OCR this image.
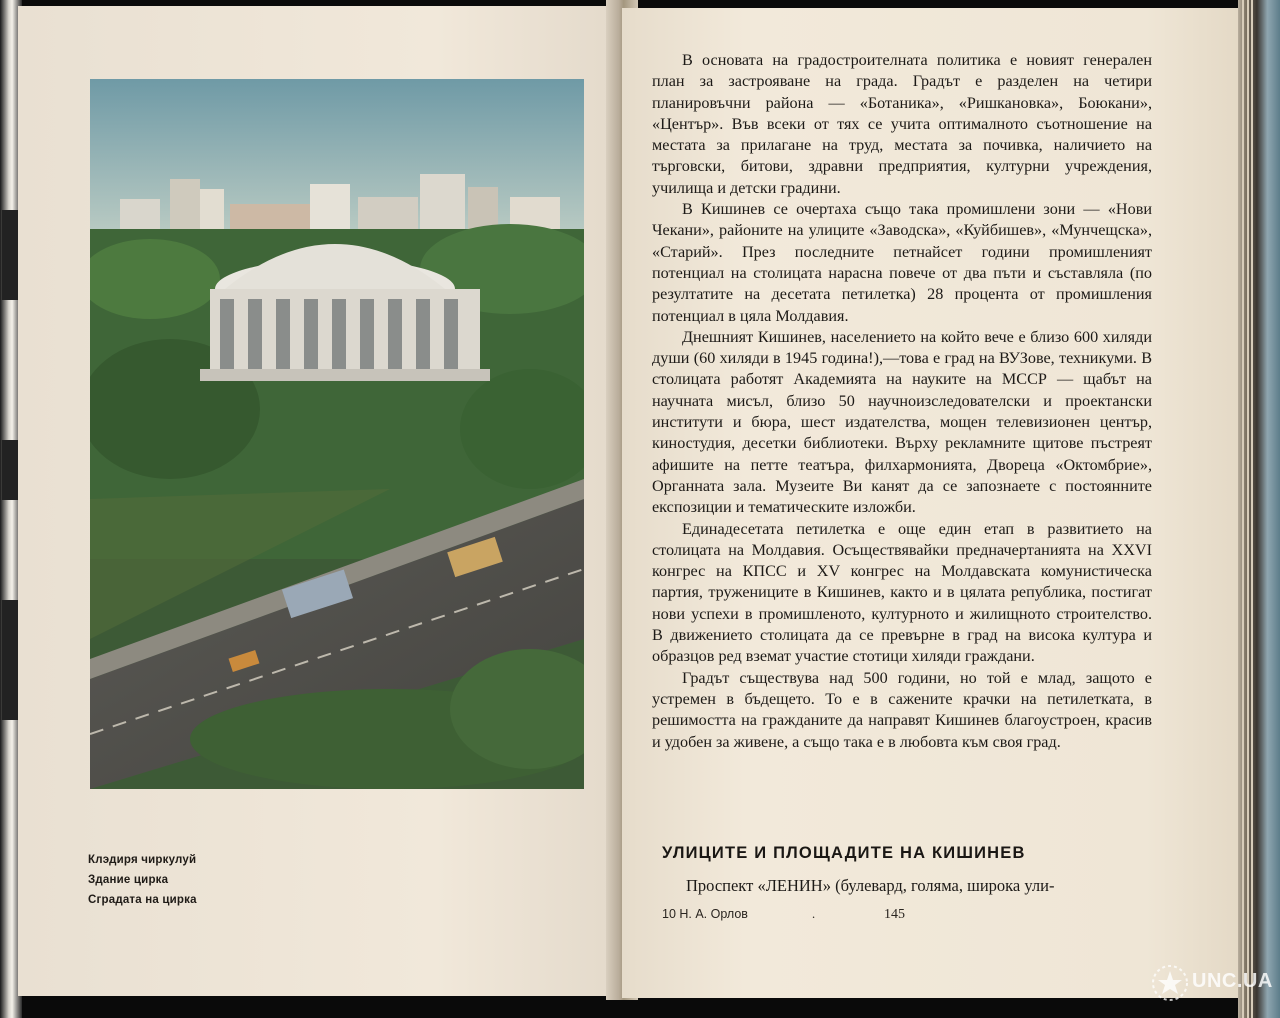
Клэдиря чиркулуй
Здание цирка
Сградата на цирка

В основата на градостроителната политика е новият генерален план за застрояване на града. Градът е разделен на четири планировъчни района — «Ботаника», «Ришкановка», Боюкани», «Център». Във всеки от тях се учита оптималното съотношение на местата за прилагане на труд, местата за почивка, наличието на търговски, битови, здравни предприятия, културни учреждения, училища и детски градини.

В Кишинев се очертаха също така промишлени зони — «Нови Чекани», районите на улиците «Заводска», «Куйбишев», «Мунчещска», «Старий». През последните петнайсет години промишленият потенциал на столицата нарасна повече от два пъти и съставляла (по резултатите на десетата петилетка) 28 процента от промишления потенциал в цяла Молдавия.

Днешният Кишинев, населението на който вече е близо 600 хиляди души (60 хиляди в 1945 година!),—това е град на ВУЗове, техникуми. В столицата работят Академията на науките на МССР — щабът на научната мисъл, близо 50 научноизследователски и проектански институти и бюра, шест издателства, мощен телевизионен център, киностудия, десетки библиотеки. Върху рекламните щитове пъстреят афишите на петте театъра, филхармонията, Двореца «Октомбрие», Органната зала. Музеите Ви канят да се запознаете с постоянните експозиции и тематическите изложби.

Единадесетата петилетка е още един етап в развитието на столицата на Молдавия. Осъществявайки предначертанията на XXVI конгрес на КПСС и XV конгрес на Молдавската комунистическа партия, тружениците в Кишинев, както и в цялата република, постигат нови успехи в промишленото, културното и жилищното строителство. В движението столицата да се превърне в град на висока култура и образцов ред вземат участие стотици хиляди граждани.

Градът съществува над 500 години, но той е млад, защото е устремен в бъдещето. То е в сажените крачки на петилетката, в решимостта на гражданите да направят Кишинев благоустроен, красив и удобен за живене, а също така е в любовта към своя град.

УЛИЦИТЕ И ПЛОЩАДИТЕ НА КИШИНЕВ
Проспект «ЛЕНИН» (булевард, голяма, широка ули-
10 Н. А. Орлов	.	145
UNC.UA
